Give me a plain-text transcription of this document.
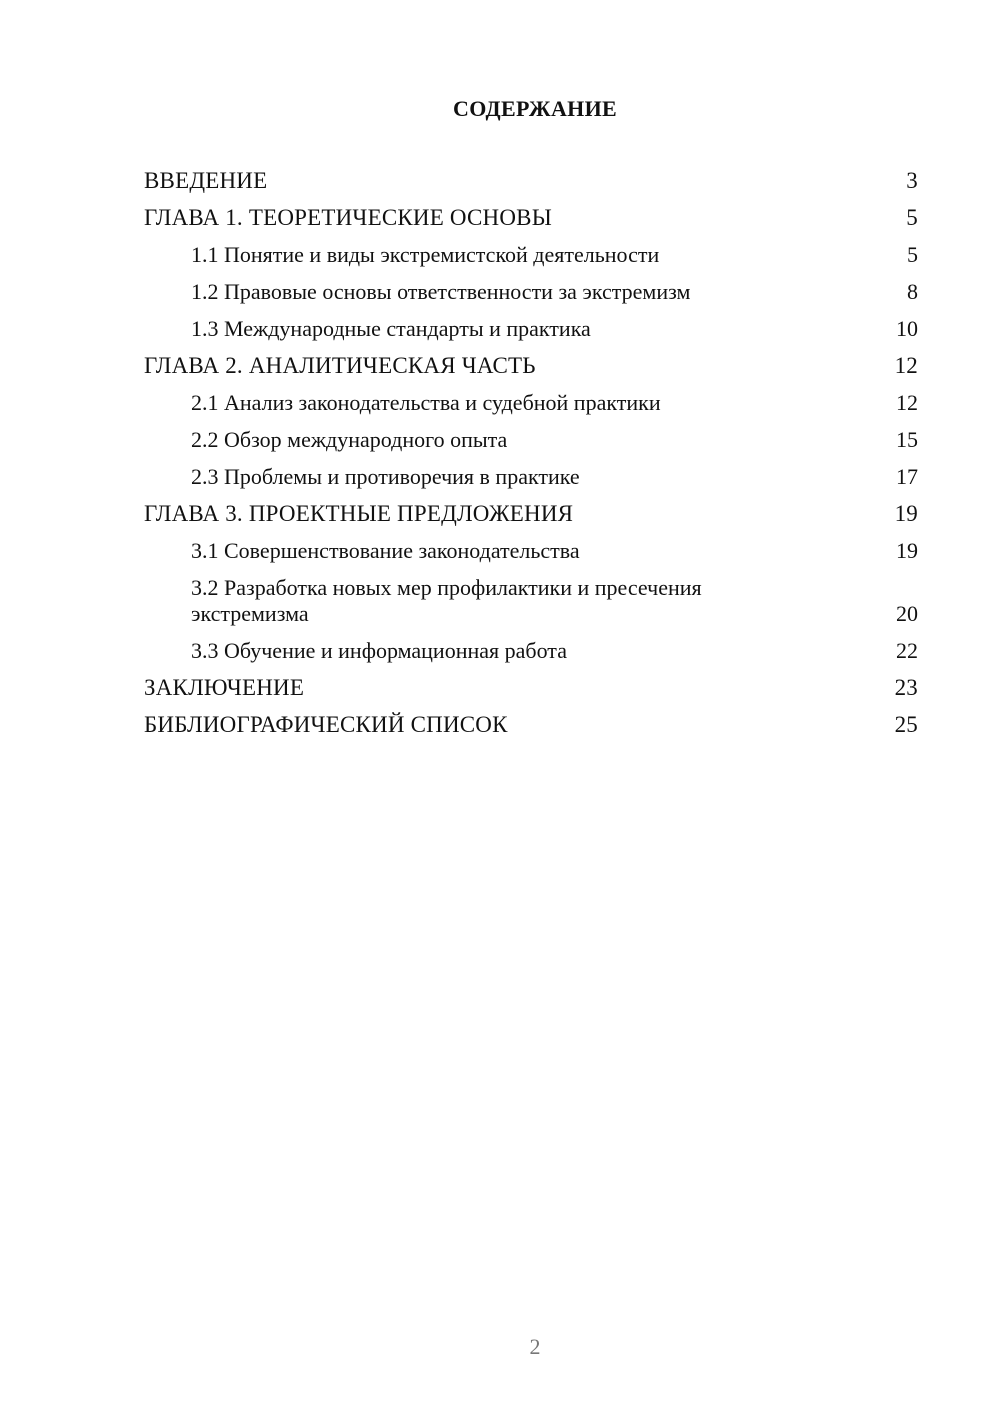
СОДЕРЖАНИЕ
ВВЕДЕНИЕ	3
ГЛАВА 1. ТЕОРЕТИЧЕСКИЕ ОСНОВЫ	5
1.1 Понятие и виды экстремистской деятельности	5
1.2 Правовые основы ответственности за экстремизм	8
1.3 Международные стандарты и практика	10
ГЛАВА 2. АНАЛИТИЧЕСКАЯ ЧАСТЬ	12
2.1 Анализ законодательства и судебной практики	12
2.2 Обзор международного опыта	15
2.3 Проблемы и противоречия в практике	17
ГЛАВА 3. ПРОЕКТНЫЕ ПРЕДЛОЖЕНИЯ	19
3.1 Совершенствование законодательства	19
3.2 Разработка новых мер профилактики и пресечения экстремизма	20
3.3 Обучение и информационная работа	22
ЗАКЛЮЧЕНИЕ	23
БИБЛИОГРАФИЧЕСКИЙ СПИСОК	25
2
